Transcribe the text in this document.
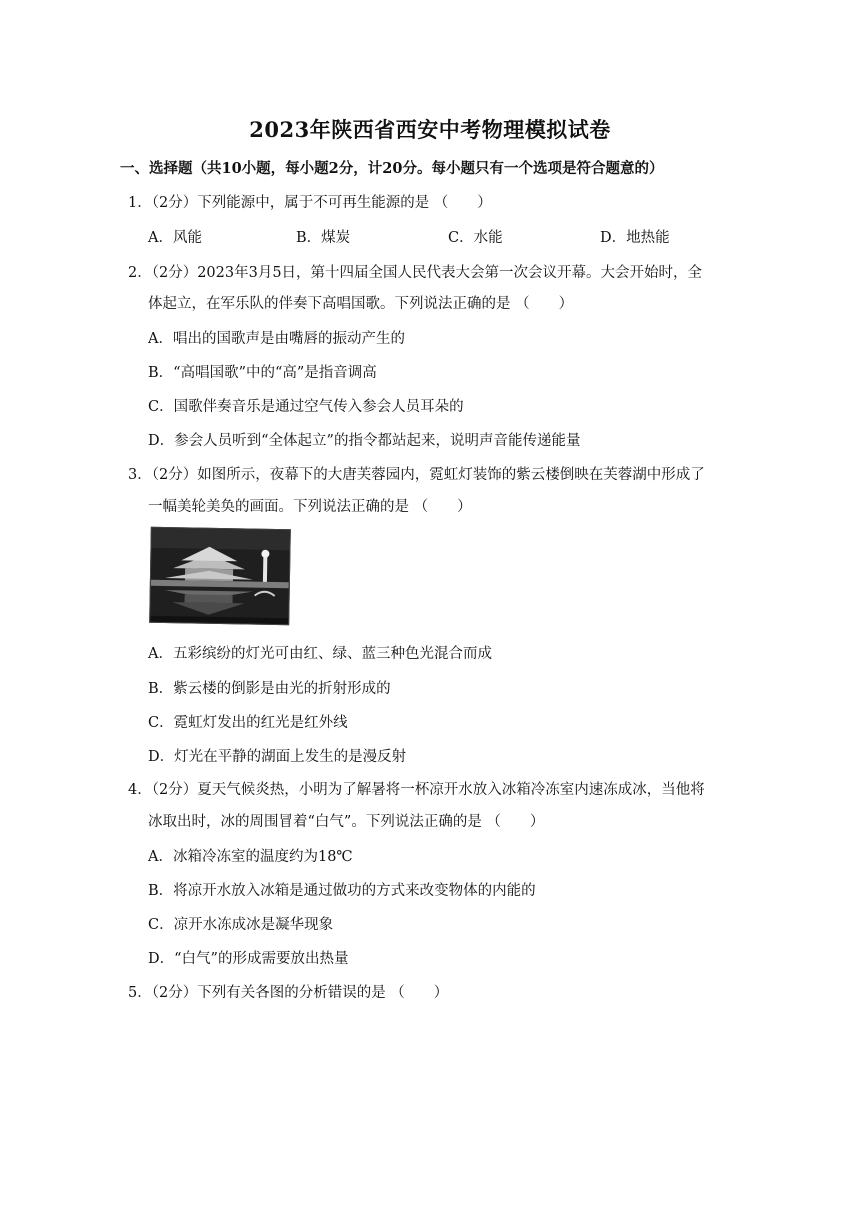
2023年陕西省西安中考物理模拟试卷
一、选择题（共10小题，每小题2分，计20分。每小题只有一个选项是符合题意的）
1．（2分）下列能源中，属于不可再生能源的是 （　　）
A．风能	B．煤炭	C．水能	D．地热能
2．（2分）2023年3月5日，第十四届全国人民代表大会第一次会议开幕。大会开始时，全
体起立，在军乐队的伴奏下高唱国歌。下列说法正确的是 （　　）
A．唱出的国歌声是由嘴唇的振动产生的
B．“高唱国歌”中的“高”是指音调高
C．国歌伴奏音乐是通过空气传入参会人员耳朵的
D．参会人员听到“全体起立”的指令都站起来，说明声音能传递能量
3．（2分）如图所示，夜幕下的大唐芙蓉园内，霓虹灯装饰的紫云楼倒映在芙蓉湖中形成了
一幅美轮美奂的画面。下列说法正确的是 （　　）
A．五彩缤纷的灯光可由红、绿、蓝三种色光混合而成
B．紫云楼的倒影是由光的折射形成的
C．霓虹灯发出的红光是红外线
D．灯光在平静的湖面上发生的是漫反射
4．（2分）夏天气候炎热，小明为了解暑将一杯凉开水放入冰箱冷冻室内速冻成冰，当他将
冰取出时，冰的周围冒着“白气”。下列说法正确的是 （　　）
A．冰箱冷冻室的温度约为18℃
B．将凉开水放入冰箱是通过做功的方式来改变物体的内能的
C．凉开水冻成冰是凝华现象
D．“白气”的形成需要放出热量
5．（2分）下列有关各图的分析错误的是 （　　）
